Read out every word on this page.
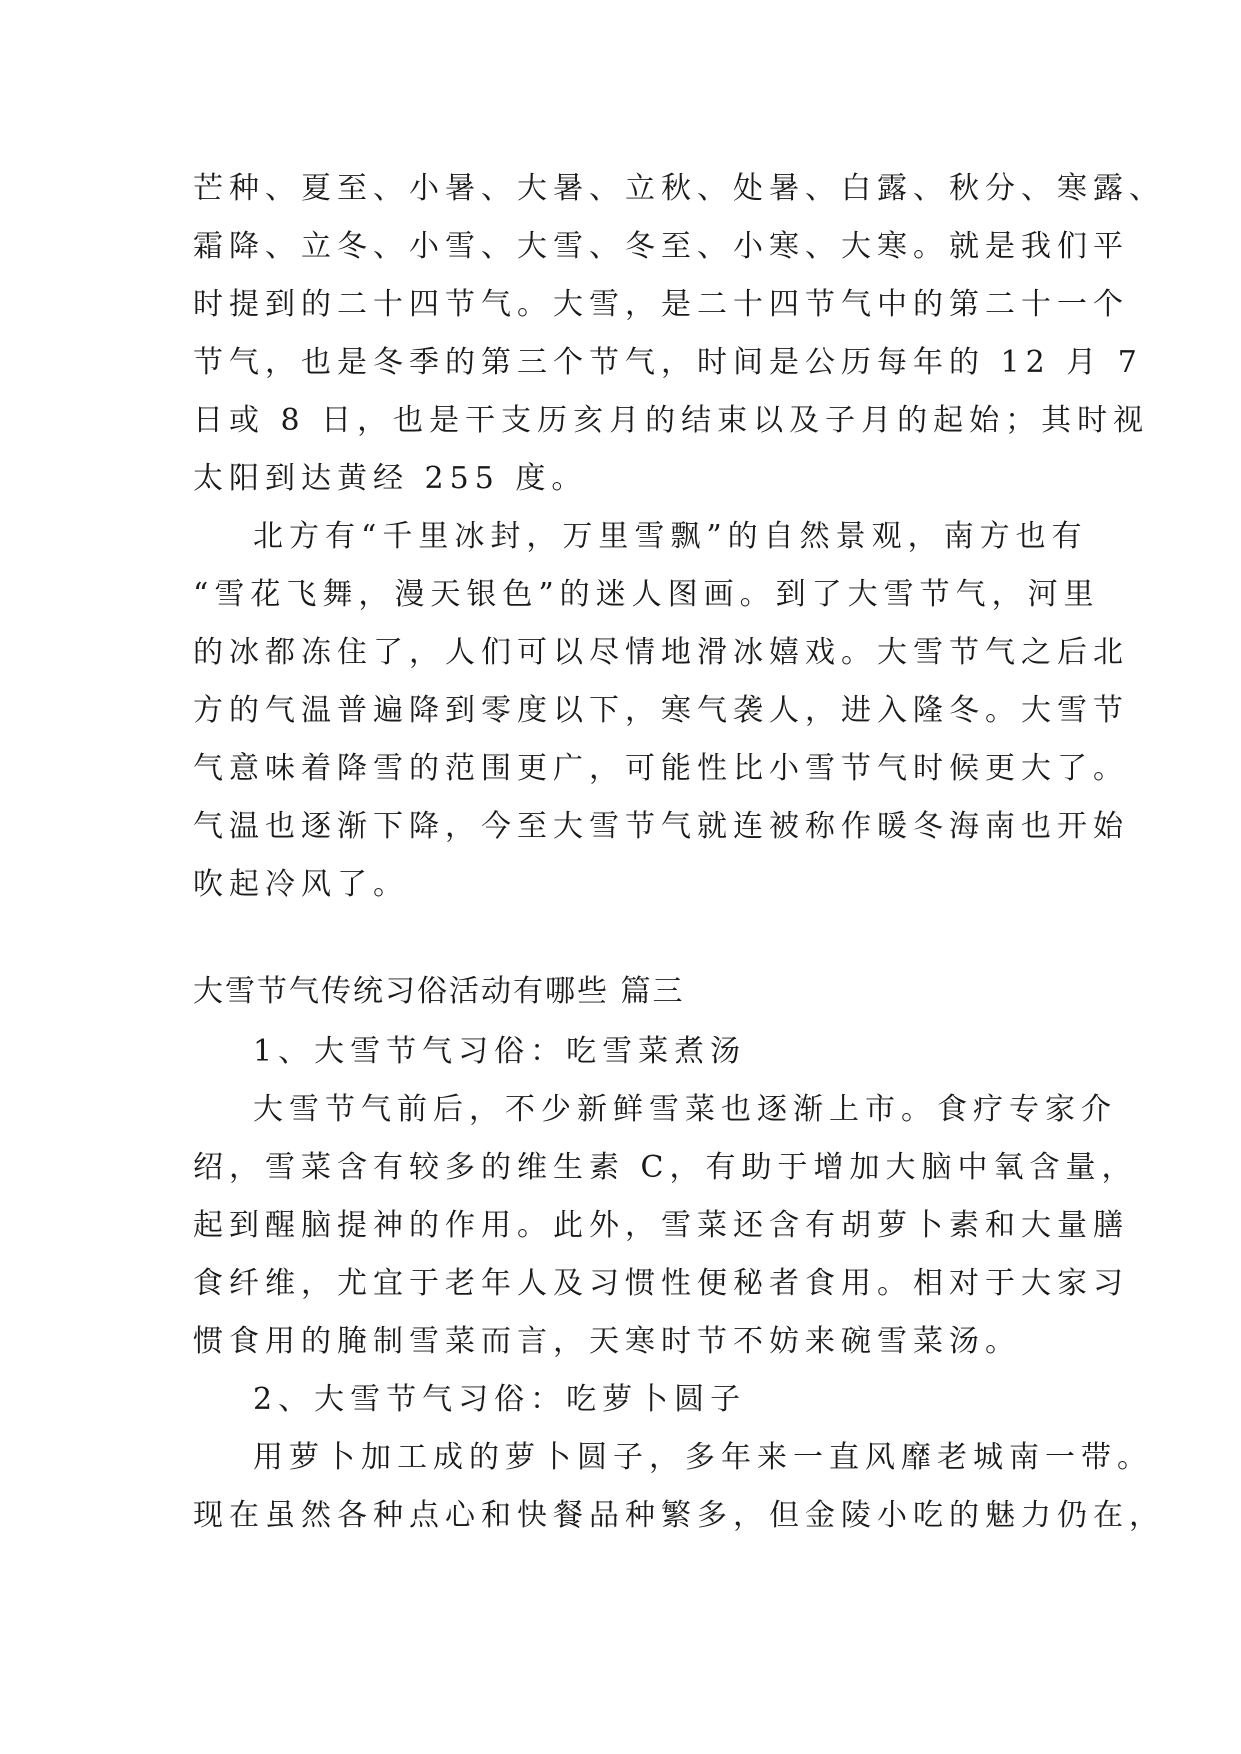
芒种、夏至、小暑、大暑、立秋、处暑、白露、秋分、寒露、
霜降、立冬、小雪、大雪、冬至、小寒、大寒。就是我们平
时提到的二十四节气。大雪，是二十四节气中的第二十一个
节气，也是冬季的第三个节气，时间是公历每年的 12 月 7
日或 8 日，也是干支历亥月的结束以及子月的起始；其时视
太阳到达黄经 255 度。
北方有“千里冰封，万里雪飘”的自然景观，南方也有
“雪花飞舞，漫天银色”的迷人图画。到了大雪节气，河里
的冰都冻住了，人们可以尽情地滑冰嬉戏。大雪节气之后北
方的气温普遍降到零度以下，寒气袭人，进入隆冬。大雪节
气意味着降雪的范围更广，可能性比小雪节气时候更大了。
气温也逐渐下降，今至大雪节气就连被称作暖冬海南也开始
吹起冷风了。
大雪节气传统习俗活动有哪些 篇三
1、大雪节气习俗：吃雪菜煮汤
大雪节气前后，不少新鲜雪菜也逐渐上市。食疗专家介
绍，雪菜含有较多的维生素 C，有助于增加大脑中氧含量，
起到醒脑提神的作用。此外，雪菜还含有胡萝卜素和大量膳
食纤维，尤宜于老年人及习惯性便秘者食用。相对于大家习
惯食用的腌制雪菜而言，天寒时节不妨来碗雪菜汤。
2、大雪节气习俗：吃萝卜圆子
用萝卜加工成的萝卜圆子，多年来一直风靡老城南一带。
现在虽然各种点心和快餐品种繁多，但金陵小吃的魅力仍在，
